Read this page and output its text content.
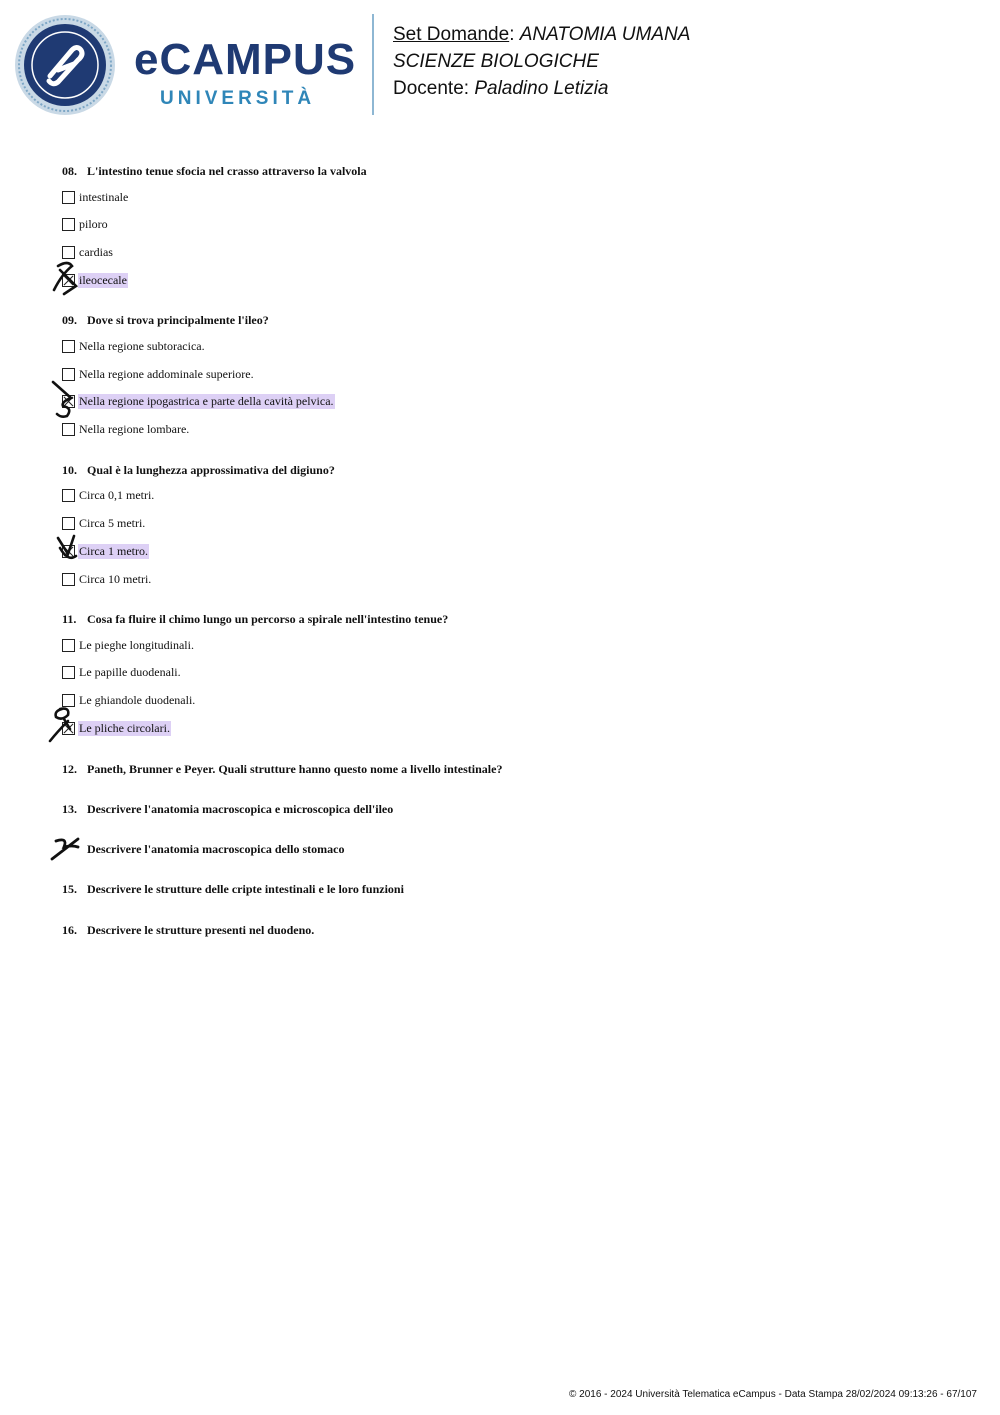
eCAMPUS
UNIVERSITÀ
Set Domande: ANATOMIA UMANA
SCIENZE BIOLOGICHE
Docente: Paladino Letizia
08. L'intestino tenue sfocia nel crasso attraverso la valvola
intestinale
piloro
cardias
ileocecale
09. Dove si trova principalmente l'ileo?
Nella regione subtoracica.
Nella regione addominale superiore.
Nella regione ipogastrica e parte della cavità pelvica.
Nella regione lombare.
10. Qual è la lunghezza approssimativa del digiuno?
Circa 0,1 metri.
Circa 5 metri.
Circa 1 metro.
Circa 10 metri.
11. Cosa fa fluire il chimo lungo un percorso a spirale nell'intestino tenue?
Le pieghe longitudinali.
Le papille duodenali.
Le ghiandole duodenali.
Le pliche circolari.
12. Paneth, Brunner e Peyer. Quali strutture hanno questo nome a livello intestinale?
13. Descrivere l'anatomia macroscopica e microscopica dell'ileo
Descrivere l'anatomia macroscopica dello stomaco
15. Descrivere le strutture delle cripte intestinali e le loro funzioni
16. Descrivere le strutture presenti nel duodeno.
© 2016 - 2024 Università Telematica eCampus - Data Stampa 28/02/2024 09:13:26 - 67/107
